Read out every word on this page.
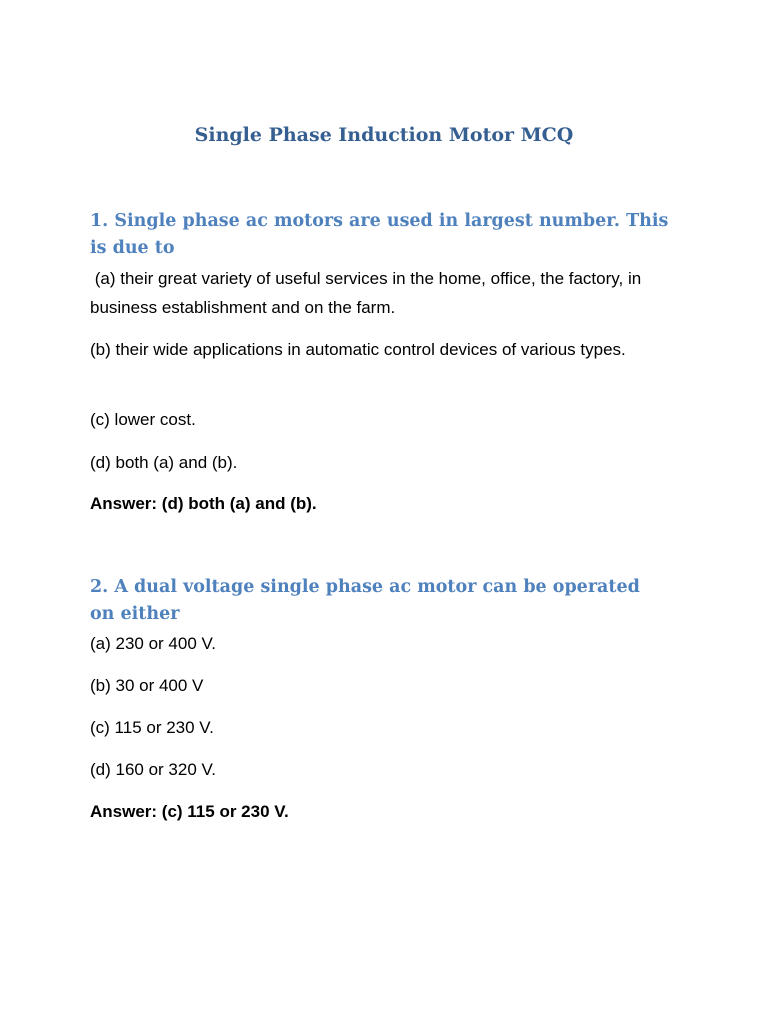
Single Phase Induction Motor MCQ

1. Single phase ac motors are used in largest number. This is due to

(a) their great variety of useful services in the home, office, the factory, in business establishment and on the farm.

(b) their wide applications in automatic control devices of various types.

(c) lower cost.

(d) both (a) and (b).

Answer: (d) both (a) and (b).

2. A dual voltage single phase ac motor can be operated on either

(a) 230 or 400 V.

(b) 30 or 400 V

(c) 115 or 230 V.

(d) 160 or 320 V.

Answer: (c) 115 or 230 V.
